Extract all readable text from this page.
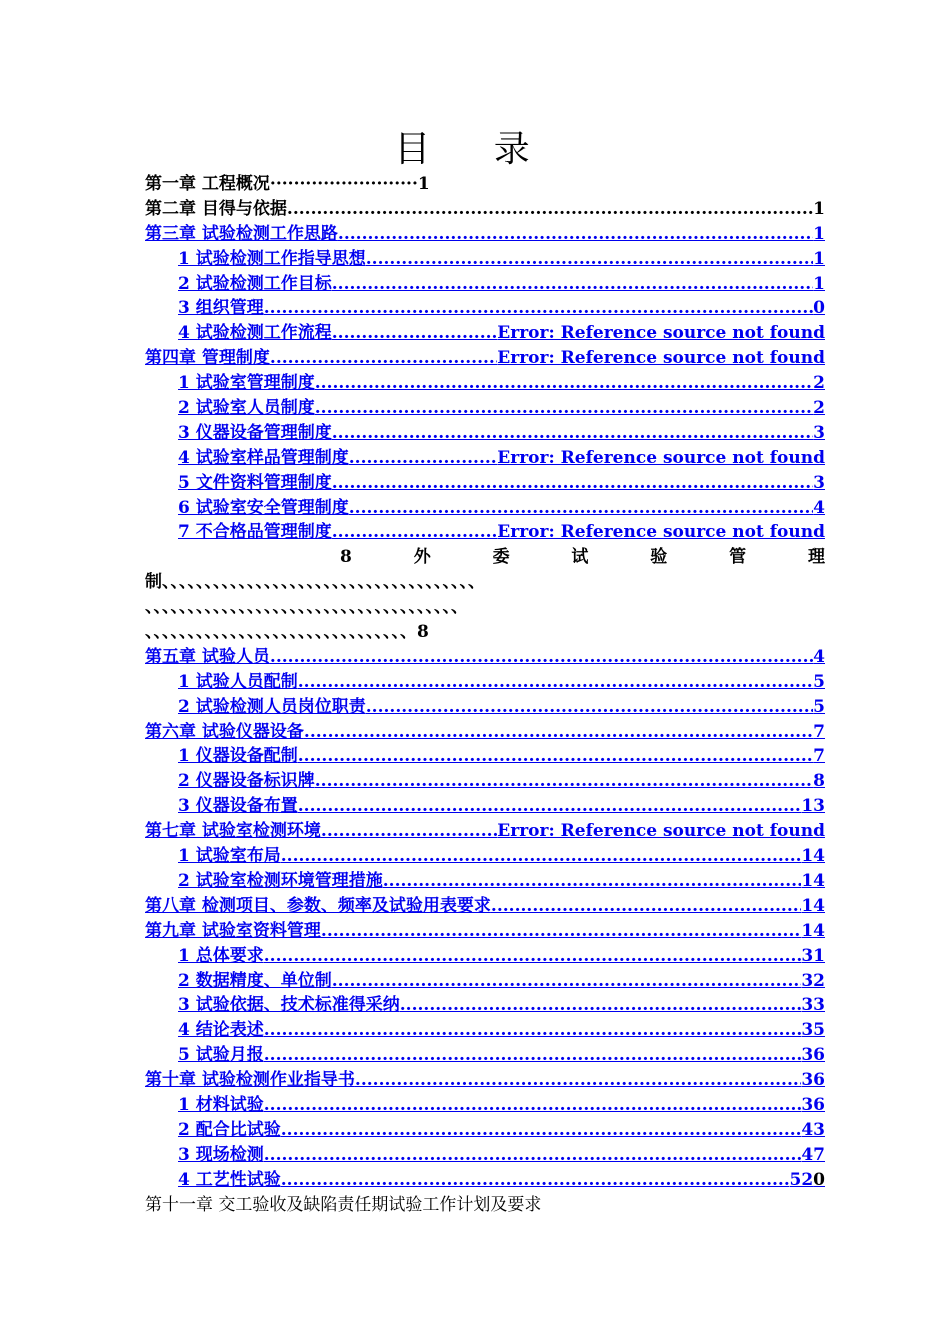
目 录
第一章 工程概况 ························· 1
第二章 目得与依据 .....	1
第三章 试验检测工作思路 .....	1
1 试验检测工作指导思想 .....	1
2 试验检测工作目标 .....	1
3 组织管理 .....	0
4 试验检测工作流程 .....	Error: Reference source not found
第四章 管理制度 .....	Error: Reference source not found
1 试验室管理制度 .....	2
2 试验室人员制度 .....	2
3 仪器设备管理制度 .....	3
4 试验室样品管理制度 .....	Error: Reference source not found
5 文件资料管理制度 .....	3
6 试验室安全管理制度 .....	4
7 不合格品管理制度 .....	Error: Reference source not found
8	外	委	试	验	管	理
制、、、、、、、、、、、、、、、、、、、、、、、、、、、、、、、、、、、、、
、、、、、、、、、、、、、、、、、、、、、、、、、、、、、、、、、、、、、
、、、、、、、、、、、、、、、、、、、、、、、、、、、、、、、8
第五章 试验人员 .....	4
1 试验人员配制 .....	5
2 试验检测人员岗位职责 .....	5
第六章 试验仪器设备 .....	7
1 仪器设备配制 .....	7
2 仪器设备标识牌 .....	8
3 仪器设备布置 .....	13
第七章 试验室检测环境 .....	Error: Reference source not found
1 试验室布局 .....	14
2 试验室检测环境管理措施 .....	14
第八章 检测项目、参数、频率及试验用表要求 .....	14
第九章 试验室资料管理 .....	14
1 总体要求 .....	31
2 数据精度、单位制 .....	32
3 试验依据、技术标准得采纳 .....	33
4 结论表述 .....	35
5 试验月报 .....	36
第十章 试验检测作业指导书 .....	36
1 材料试验 .....	36
2 配合比试验 .....	43
3 现场检测 .....	47
4 工艺性试验 .....	52 0
第十一章 交工验收及缺陷责任期试验工作计划及要求
